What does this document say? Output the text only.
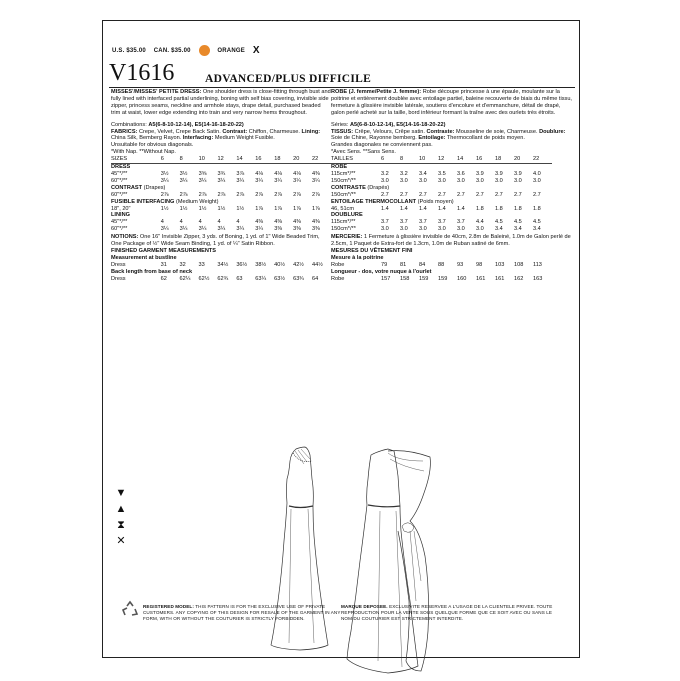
U.S. $35.00 CAN. $35.00	ORANGE X
V1616	ADVANCED/PLUS DIFFICILE
MISSES'/MISSES' PETITE DRESS: One shoulder dress is close-fitting through bust and fully lined with interfaced partial underlining, boning with self bias covering, invisible side zipper, princess seams, neckline and armhole stays, drape detail, purchased beaded trim at waist, lower edge extending into train and very narrow hems throughout.
Combinations: A5(6-8-10-12-14), E5(14-16-18-20-22)
FABRICS: Crepe, Velvet, Crepe Back Satin. Contrast: Chiffon, Charmeuse. Lining: China Silk, Bemberg Rayon. Interfacing: Medium Weight Fusible.
Unsuitable for obvious diagonals.
*With Nap. **Without Nap.
SIZES	6	8	10	12	14	16	18	20	22

DRESS									
45"*/**	3½	3½	3⅝	3¾	3⅞	4⅛	4⅛	4⅛	4⅜
60"*/**	3¼	3¼	3¼	3¼	3¼	3¼	3¼	3¼	3¼
CONTRAST (Drapes)									
60"*/**	2⅞	2⅞	2⅞	2⅞	2⅞	2⅞	2⅞	2⅞	2⅞
FUSIBLE INTERFACING (Medium Weight)									
18", 20"	1½	1½	1½	1½	1½	1⅞	1⅞	1⅞	1⅞
LINING									
45"*/**	4	4	4	4	4	4⅜	4⅜	4⅜	4⅜
60"*/**	3¼	3¼	3¼	3¼	3¼	3¼	3⅜	3⅜	3⅜
NOTIONS: One 16" Invisible Zipper, 3 yds. of Boning, 1 yd. of 1" Wide Beaded Trim, One Package of ½" Wide Seam Binding, 1 yd. of ¼" Satin Ribbon.
FINISHED GARMENT MEASUREMENTS
Measurement at bustline									
Dress	31	32	33	34½	36½	38½	40½	42½	44½
Back length from base of neck									
Dress	62	62¼	62½	62¾	63	63¼	63½	63¾	64
ROBE (J. femme/Petite J. femme): Robe découpe princesse à une épaule, moulante sur la poitrine et entièrement doublée avec entoilage partiel, baleine recouverte de biais du même tissu, fermeture à glissière invisible latérale, soutiens d'encolure et d'emmanchure, détail de drapé, galon perlé acheté sur la taille, bord inférieur formant la traîne avec des ourlets très étroits.
Séries: A5(6-8-10-12-14), E5(14-16-18-20-22)
TISSUS: Crêpe, Velours, Crêpe satin. Contraste: Mousseline de soie, Charmeuse. Doublure: Soie de Chine, Rayonne bemberg. Entoilage: Thermocollant de poids moyen.
Grandes diagonales ne conviennent pas.
*Avec Sens. **Sans Sens.
TAILLES	6	8	10	12	14	16	18	20	22

ROBE									
115cm*/**	3.2	3.2	3.4	3.5	3.6	3.9	3.9	3.9	4.0
150cm*/**	3.0	3.0	3.0	3.0	3.0	3.0	3.0	3.0	3.0
CONTRASTE (Drapés)									
150cm*/**	2.7	2.7	2.7	2.7	2.7	2.7	2.7	2.7	2.7
ENTOILAGE THERMOCOLLANT (Poids moyen)									
46, 51cm	1.4	1.4	1.4	1.4	1.4	1.8	1.8	1.8	1.8
DOUBLURE									
115cm*/**	3.7	3.7	3.7	3.7	3.7	4.4	4.5	4.5	4.5
150cm*/**	3.0	3.0	3.0	3.0	3.0	3.0	3.4	3.4	3.4
MERCERIE: 1 Fermeture à glissière invisible de 40cm, 2.8m de Baleiné, 1.0m de Galon perlé de 2.5cm, 1 Paquet de Extra-fort de 1.3cm, 1.0m de Ruban satiné de 6mm.
MESURES DU VÊTEMENT FINI
Mesure à la poitrine									
Robe	79	81	84	88	93	98	103	108	113
Longueur - dos, votre nuque à l'ourlet									
Robe	157	158	159	159	160	161	161	162	163
▼
▲
⧗
✕
REGISTERED MODEL: THIS PATTERN IS FOR THE EXCLUSIVE USE OF PRIVATE CUSTOMERS. ANY COPYING OF THIS DESIGN FOR RESALE OF THE GARMENT IN ANY FORM, WITH OR WITHOUT THE COUTURIER IS STRICTLY FORBIDDEN.
MARQUE DEPOSEE. EXCLUSIVITE RESERVEE A L'USAGE DE LA CLIENTELE PRIVEE. TOUTE REPRODUCTION POUR LA VENTE SOUS QUELQUE FORME QUE CE SOIT AVEC OU SANS LE NOM DU COUTURIER EST STRICTEMENT INTERDITE.
